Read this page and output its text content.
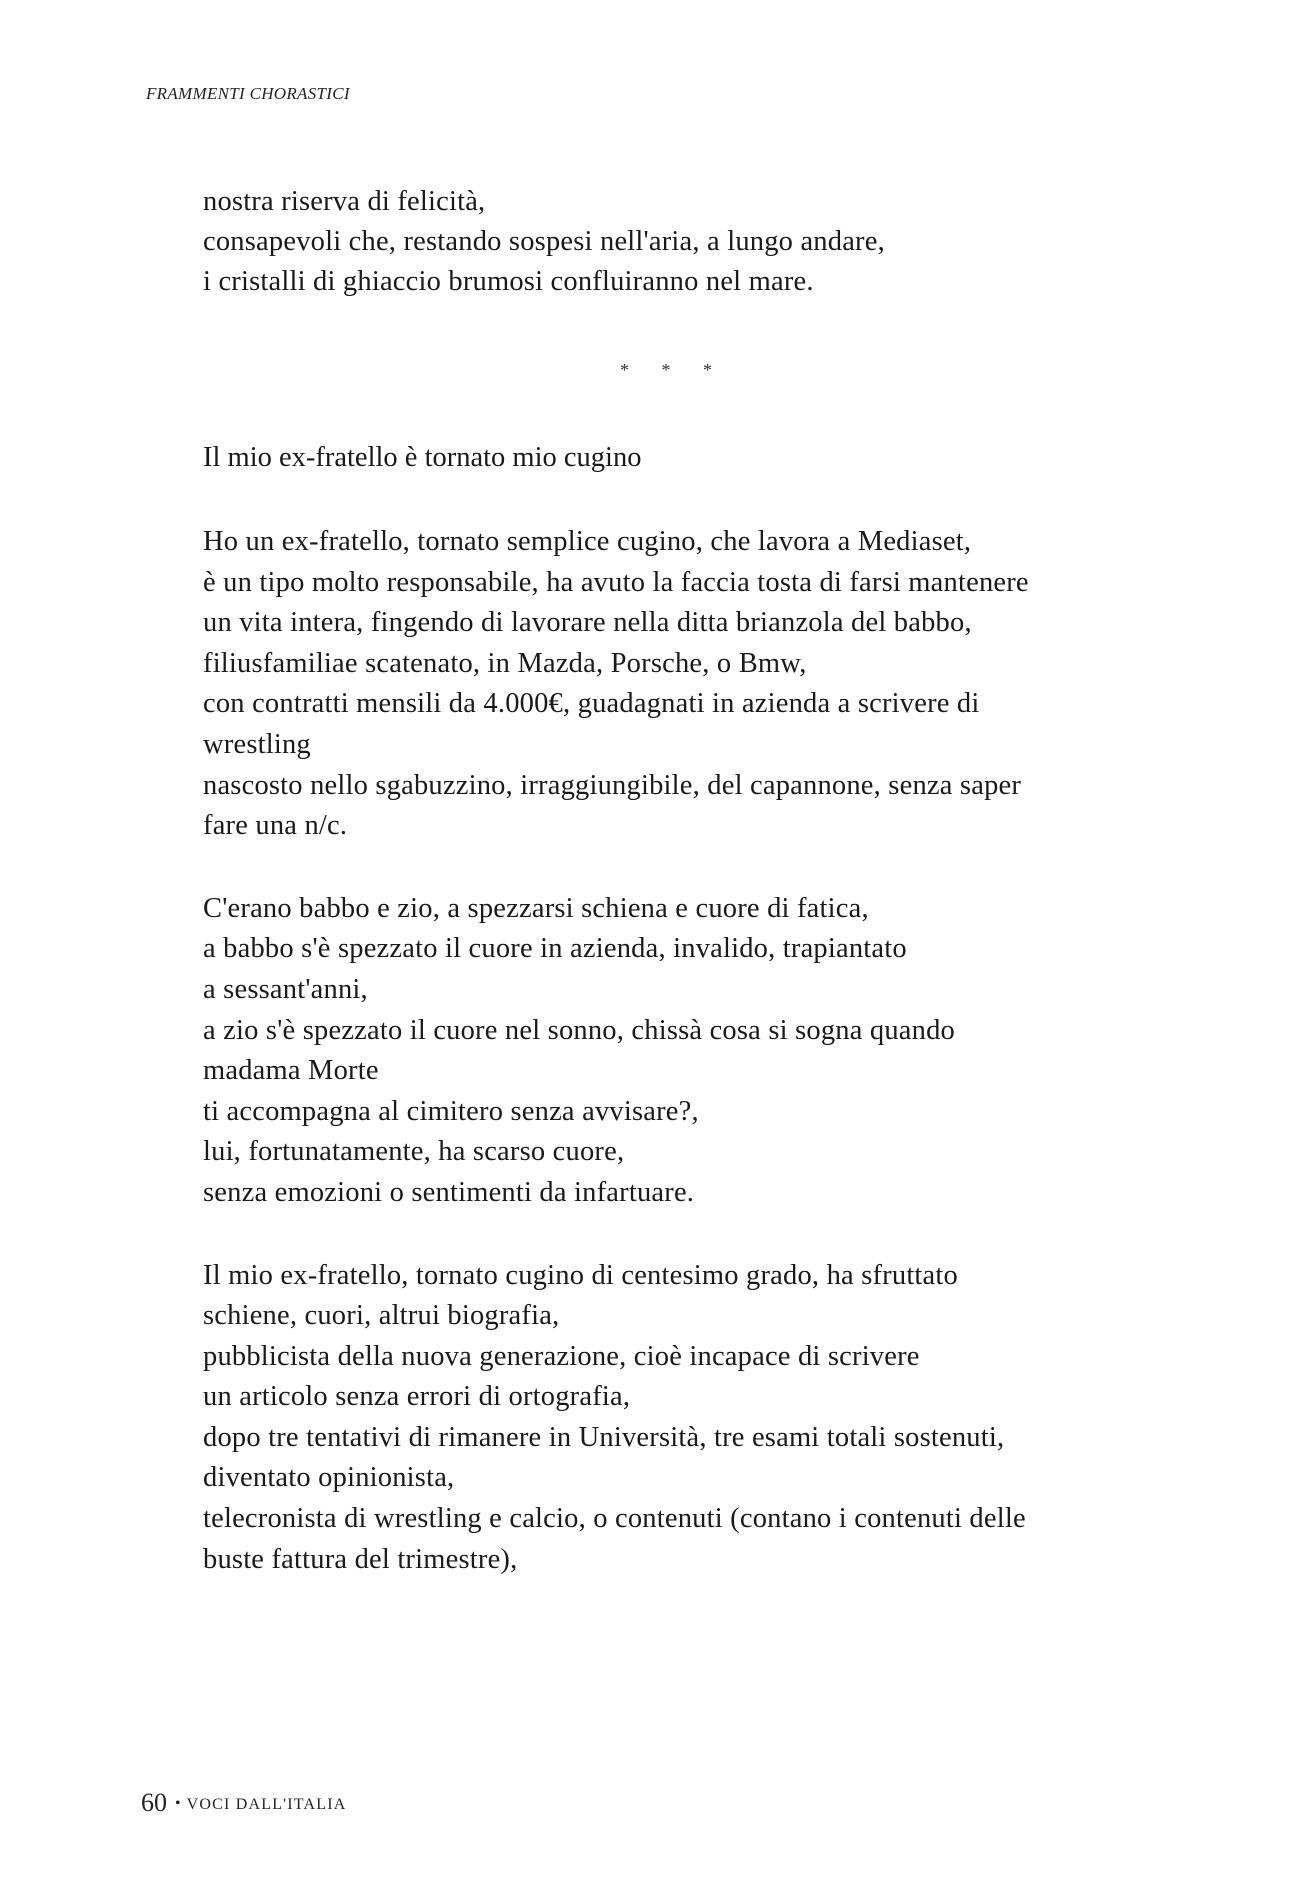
FRAMMENTI CHORASTICI

nostra riserva di felicità,
consapevoli che, restando sospesi nell'aria, a lungo andare,
i cristalli di ghiaccio brumosi confluiranno nel mare.
* * *
Il mio ex-fratello è tornato mio cugino
Ho un ex-fratello, tornato semplice cugino, che lavora a Mediaset,
è un tipo molto responsabile, ha avuto la faccia tosta di farsi mantenere
un vita intera, fingendo di lavorare nella ditta brianzola del babbo,
filiusfamiliae scatenato, in Mazda, Porsche, o Bmw,
con contratti mensili da 4.000€, guadagnati in azienda a scrivere di
wrestling
nascosto nello sgabuzzino, irraggiungibile, del capannone, senza saper
fare una n/c.
C'erano babbo e zio, a spezzarsi schiena e cuore di fatica,
a babbo s'è spezzato il cuore in azienda, invalido, trapiantato
a sessant'anni,
a zio s'è spezzato il cuore nel sonno, chissà cosa si sogna quando
madama Morte
ti accompagna al cimitero senza avvisare?,
lui, fortunatamente, ha scarso cuore,
senza emozioni o sentimenti da infartuare.
Il mio ex-fratello, tornato cugino di centesimo grado, ha sfruttato
schiene, cuori, altrui biografia,
pubblicista della nuova generazione, cioè incapace di scrivere
un articolo senza errori di ortografia,
dopo tre tentativi di rimanere in Università, tre esami totali sostenuti,
diventato opinionista,
telecronista di wrestling e calcio, o contenuti (contano i contenuti delle
buste fattura del trimestre),
60 • VOCI DALL'ITALIA
